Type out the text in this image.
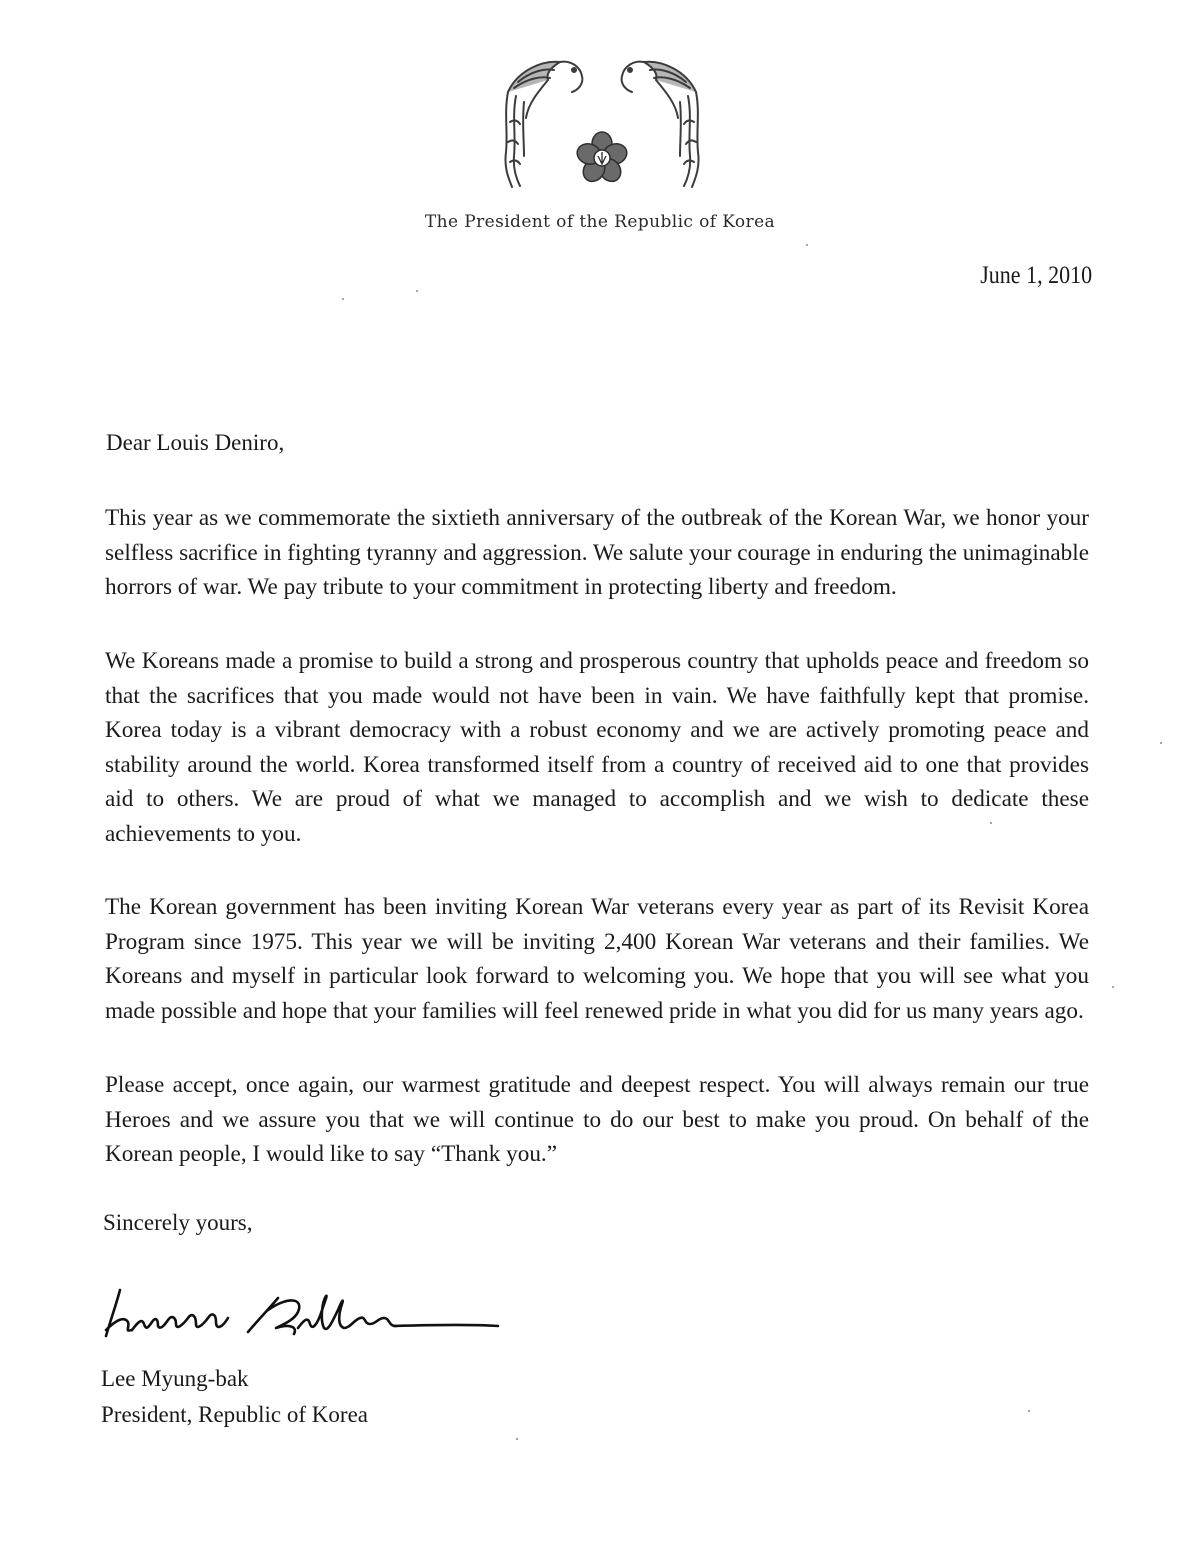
The President of the Republic of Korea
June 1, 2010
Dear Louis Deniro,

This year as we commemorate the sixtieth anniversary of the outbreak of the Korean War, we honor your selfless sacrifice in fighting tyranny and aggression. We salute your courage in enduring the unimaginable horrors of war. We pay tribute to your commitment in protecting liberty and freedom.

We Koreans made a promise to build a strong and prosperous country that upholds peace and freedom so that the sacrifices that you made would not have been in vain. We have faithfully kept that promise. Korea today is a vibrant democracy with a robust economy and we are actively promoting peace and stability around the world. Korea transformed itself from a country of received aid to one that provides aid to others. We are proud of what we managed to accomplish and we wish to dedicate these achievements to you.

The Korean government has been inviting Korean War veterans every year as part of its Revisit Korea Program since 1975. This year we will be inviting 2,400 Korean War veterans and their families. We Koreans and myself in particular look forward to welcoming you. We hope that you will see what you made possible and hope that your families will feel renewed pride in what you did for us many years ago.

Please accept, once again, our warmest gratitude and deepest respect. You will always remain our true Heroes and we assure you that we will continue to do our best to make you proud. On behalf of the Korean people, I would like to say “Thank you.”

Sincerely yours,
Lee Myung-bak
President, Republic of Korea
